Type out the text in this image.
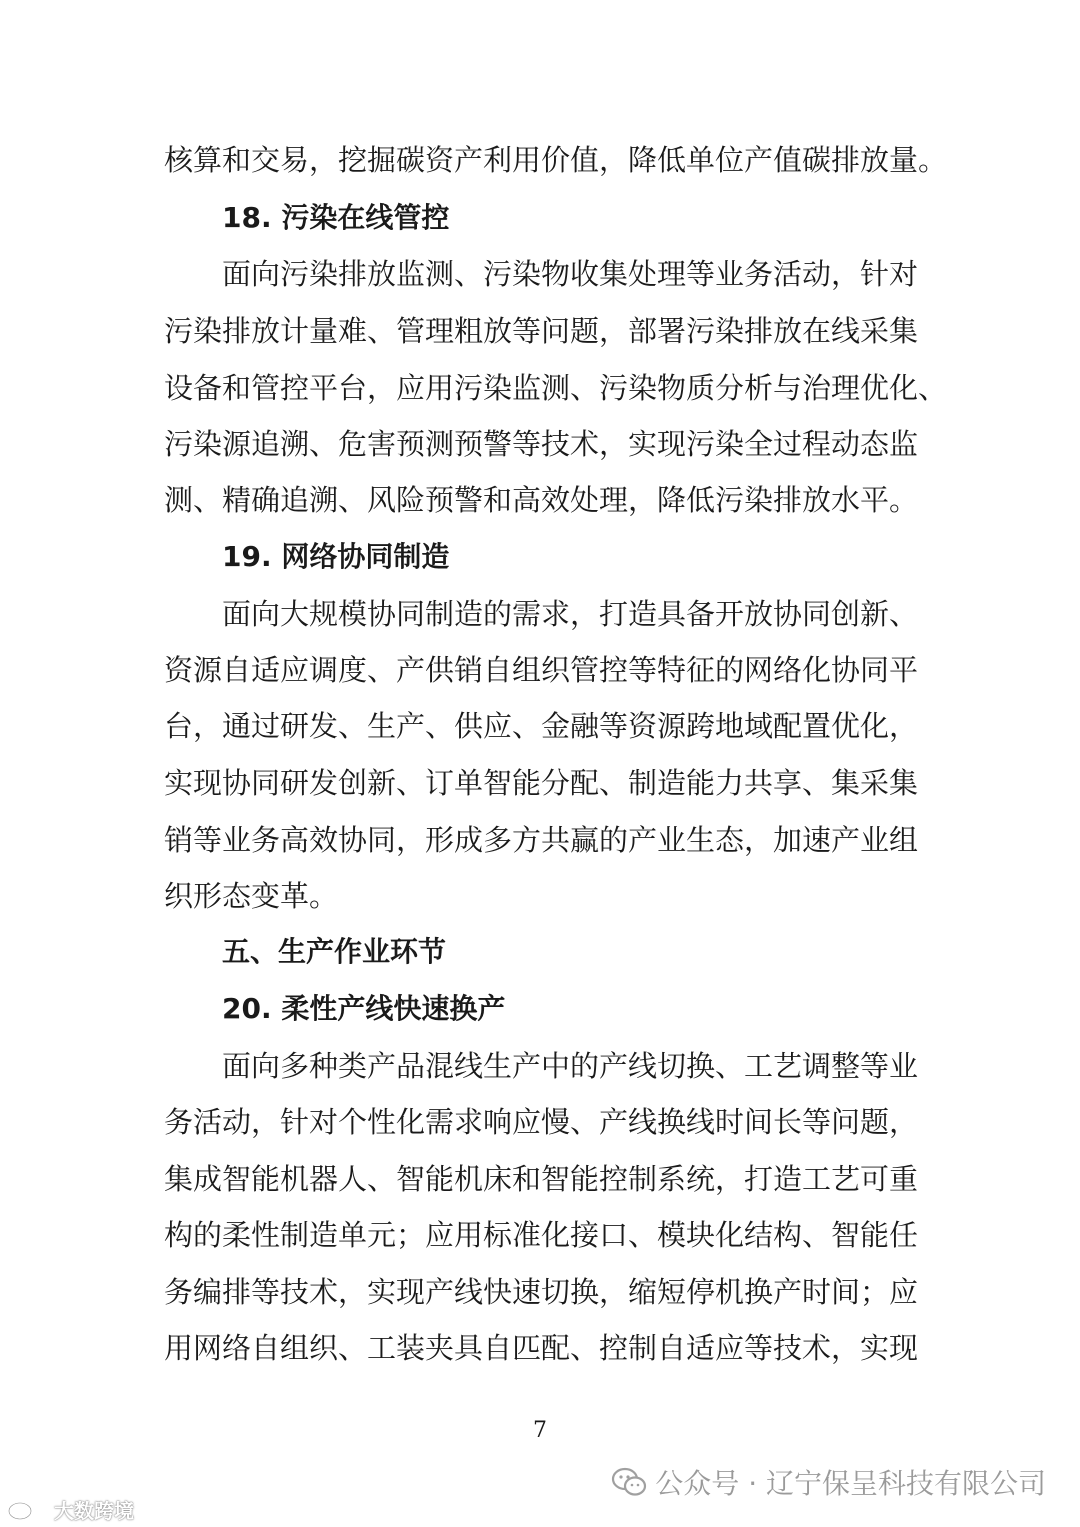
核算和交易，挖掘碳资产利用价值，降低单位产值碳排放量。
18. 污染在线管控
面向污染排放监测、污染物收集处理等业务活动，针对
污染排放计量难、管理粗放等问题，部署污染排放在线采集
设备和管控平台，应用污染监测、污染物质分析与治理优化、
污染源追溯、危害预测预警等技术，实现污染全过程动态监
测、精确追溯、风险预警和高效处理，降低污染排放水平。
19. 网络协同制造
面向大规模协同制造的需求，打造具备开放协同创新、
资源自适应调度、产供销自组织管控等特征的网络化协同平
台，通过研发、生产、供应、金融等资源跨地域配置优化，
实现协同研发创新、订单智能分配、制造能力共享、集采集
销等业务高效协同，形成多方共赢的产业生态，加速产业组
织形态变革。
五、生产作业环节
20. 柔性产线快速换产
面向多种类产品混线生产中的产线切换、工艺调整等业
务活动，针对个性化需求响应慢、产线换线时间长等问题，
集成智能机器人、智能机床和智能控制系统，打造工艺可重
构的柔性制造单元；应用标准化接口、模块化结构、智能任
务编排等技术，实现产线快速切换，缩短停机换产时间；应
用网络自组织、工装夹具自匹配、控制自适应等技术，实现
7
公众号 · 辽宁保呈科技有限公司
大数跨境
